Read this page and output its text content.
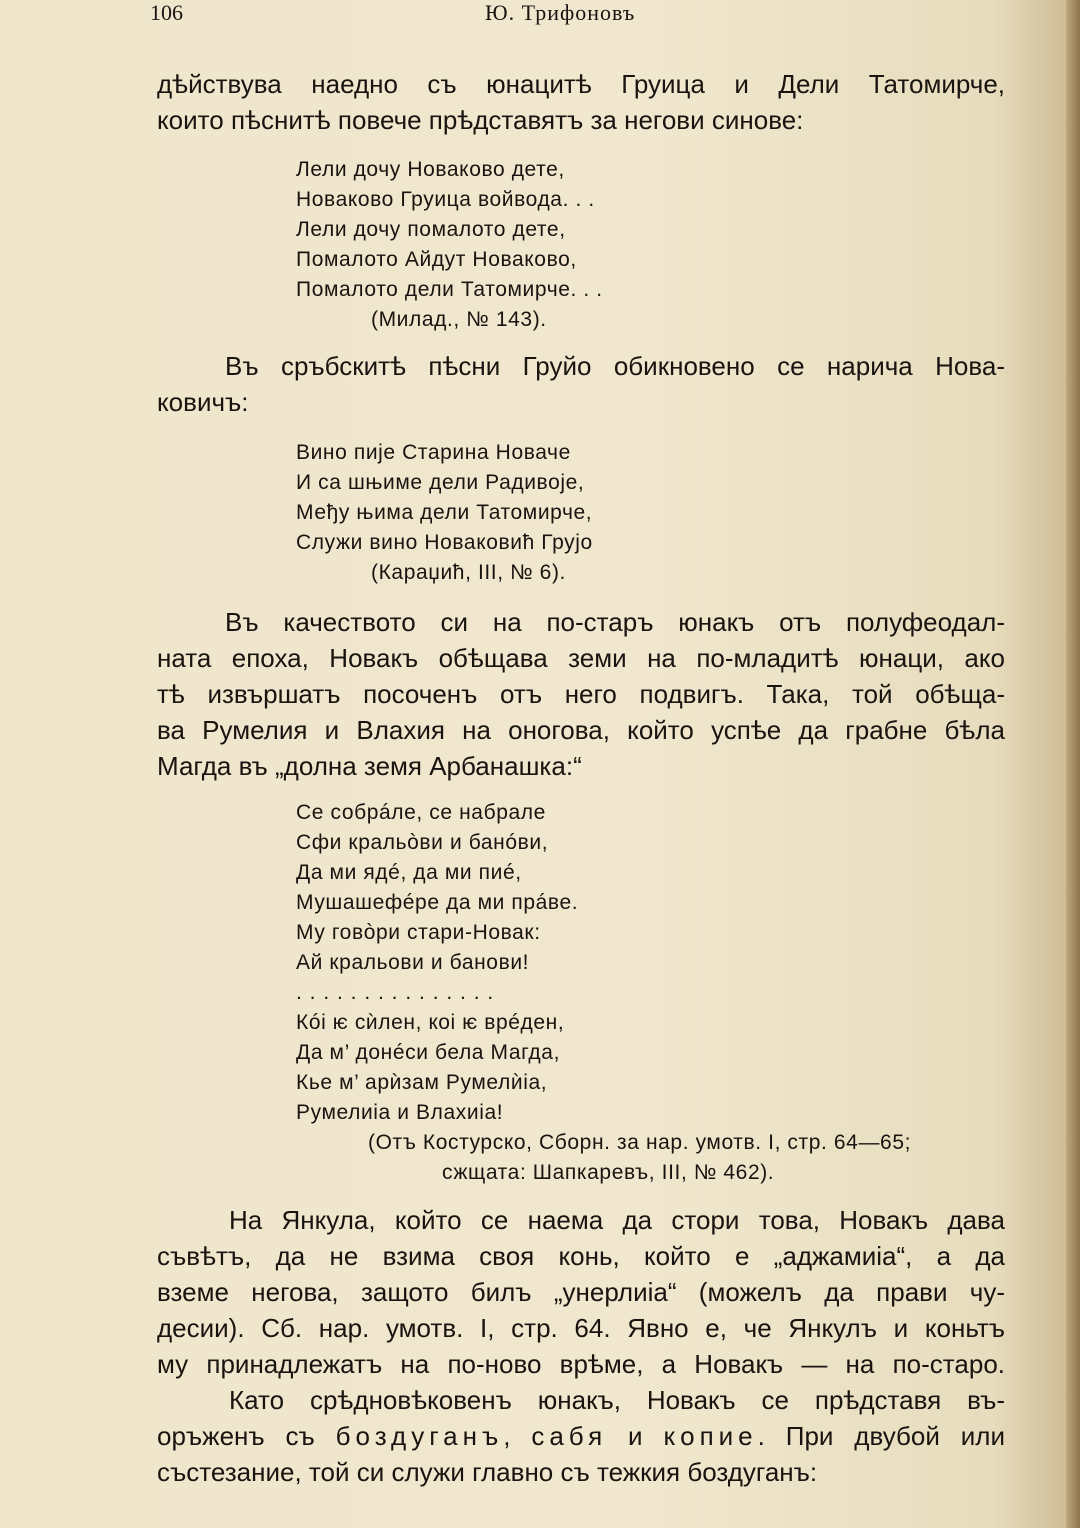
106	Ю. Трифоновъ
дѣйствува наедно съ юнацитѣ Груица и Дели Татомирче,
които пѣснитѣ повече прѣдставятъ за негови синове:
Лели дочу Новаково дете,
Новаково Груица войвода. . .
Лели дочу помалото дете,
Помалото Айдут Новаково,
Помалото дели Татомирче. . .
(Милад., № 143).
Въ сръбскитѣ пѣсни Груйо обикновено се нарича Нова-
ковичъ:
Вино пије Старина Новаче
И са шњиме дели Радивоје,
Међу њима дели Татомирче,
Служи вино Новаковић Грујо
(Караџић, III, № 6).
Въ качеството си на по-старъ юнакъ отъ полуфеодал-
ната епоха, Новакъ обѣщава земи на по-младитѣ юнаци, ако
тѣ извършатъ посоченъ отъ него подвигъ. Така, той обѣща-
ва Румелия и Влахия на оногова, който успѣе да грабне бѣла
Магда въ „долна земя Арбанашка:“
Се собрáле, се набрале
Сфи кральòви и банóви,
Да ми ядé, да ми пиé,
Мушашефéре да ми прáве.
Му говòри стари-Новак:
Ай кральови и банови!
. . . . . . . . . . . . . . .
Кóі ѥ сѝлен, кoі ѥ врéден,
Да м’ донéси бела Магда,
Кье м’ арѝзам Румелѝіа,
Румелиіа и Влахиіа!
(Отъ Костурско, Сборн. за нар. умотв. I, стр. 64—65;
сжщата: Шапкаревъ, III, № 462).
На Янкула, който се наема да стори това, Новакъ дава
съвѣтъ, да не взима своя конь, който е „аджамиіа“, а да
вземе негова, защото билъ „унерлиіа“ (можелъ да прави чу-
десии). Сб. нар. умотв. I, стр. 64. Явно е, че Янкулъ и коньтъ
му принадлежатъ на по-ново врѣме, а Новакъ — на по-старо.
Като срѣдновѣковенъ юнакъ, Новакъ се прѣдставя въ-
оръженъ съ боздуганъ, сабя и копие. При двубой или
състезание, той си служи главно съ тежкия боздуганъ:
